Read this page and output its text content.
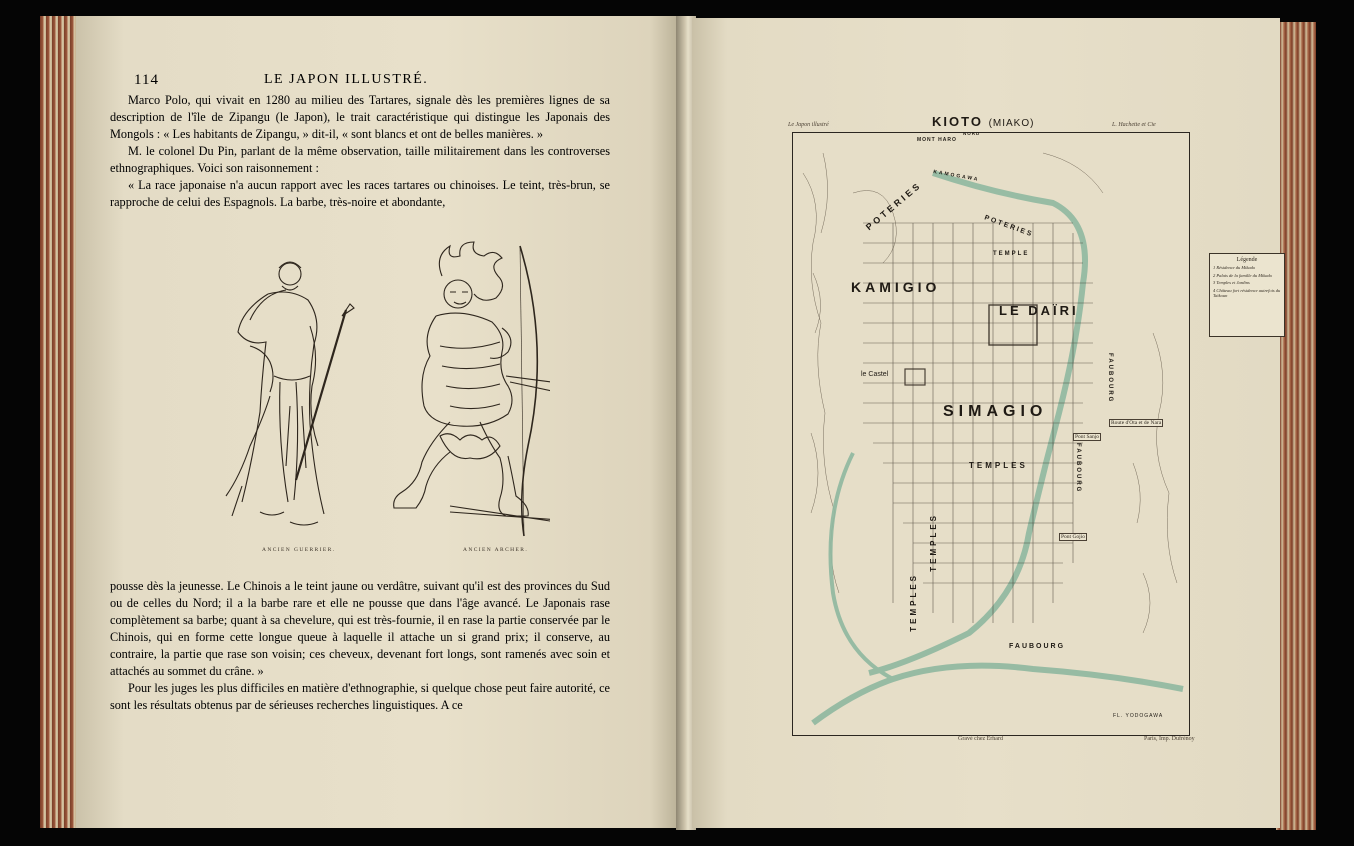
114	LE JAPON ILLUSTRÉ.

Marco Polo, qui vivait en 1280 au milieu des Tartares, signale dès les premières lignes de sa description de l'île de Zipangu (le Japon), le trait caractéristique qui distingue les Japonais des Mongols : « Les habitants de Zipangu, » dit-il, « sont blancs et ont de belles manières. »

M. le colonel Du Pin, parlant de la même observation, taille militairement dans les controverses ethnographiques. Voici son raisonnement :

« La race japonaise n'a aucun rapport avec les races tartares ou chinoises. Le teint, très-brun, se rapproche de celui des Espagnols. La barbe, très-noire et abondante,

ANCIEN GUERRIER.	ANCIEN ARCHER.

pousse dès la jeunesse. Le Chinois a le teint jaune ou verdâtre, suivant qu'il est des provinces du Sud ou de celles du Nord; il a la barbe rare et elle ne pousse que dans l'âge avancé. Le Japonais rase complètement sa barbe; quant à sa chevelure, qui est très-fournie, il en rase la partie conservée par le Chinois, qui en forme cette longue queue à laquelle il attache un si grand prix; il conserve, au contraire, la partie que rase son voisin; ces cheveux, devenant fort longs, sont ramenés avec soin et attachés au sommet du crâne. »

Pour les juges les plus difficiles en matière d'ethnographie, si quelque chose peut faire autorité, ce sont les résultats obtenus par de sérieuses recherches linguistiques. A ce

Le Japon illustré	L. Hachette et Cie
KIOTO (MIAKO)
KAMIGIO
LE DAÏRI
SIMAGIO
TEMPLES
TEMPLES
TEMPLES
TEMPLE
FAUBOURG
POTERIES	POTERIES
FAUBOURG
FAUBOURG
le Castel
KAMOGAWA
MONT HARO
NORD
Pont Sanjo
Pont Gojio
Route d'Ota et de Nara
FL. YODOGAWA
Légende
1 Résidence du Mikado
2 Palais de la famille du Mikado
3 Temples et Jardins
4 Château fort résidence autrefois du Taïkoun
Gravé chez Erhard	Paris, Imp. Dufrénoy
